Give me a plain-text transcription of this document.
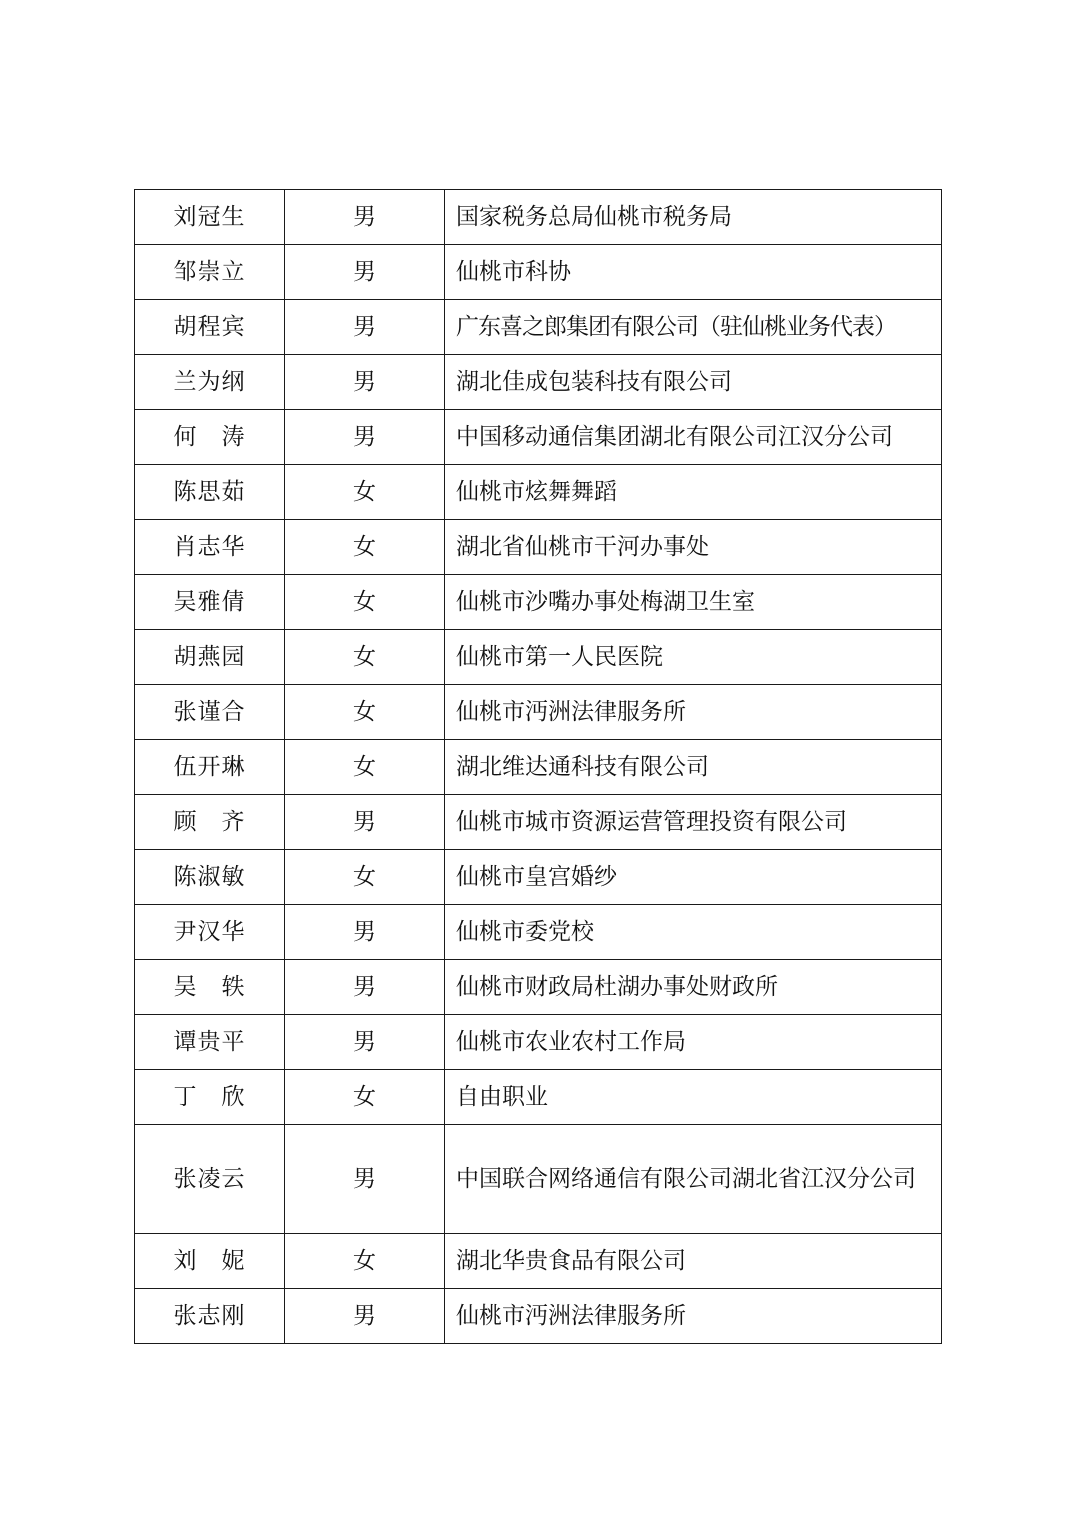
刘冠生	男	国家税务总局仙桃市税务局
邹崇立	男	仙桃市科协
胡程宾	男	广东喜之郎集团有限公司（驻仙桃业务代表）
兰为纲	男	湖北佳成包装科技有限公司
何　涛	男	中国移动通信集团湖北有限公司江汉分公司
陈思茹	女	仙桃市炫舞舞蹈
肖志华	女	湖北省仙桃市干河办事处
吴雅倩	女	仙桃市沙嘴办事处梅湖卫生室
胡燕园	女	仙桃市第一人民医院
张谨合	女	仙桃市沔洲法律服务所
伍开琳	女	湖北维达通科技有限公司
顾　齐	男	仙桃市城市资源运营管理投资有限公司
陈淑敏	女	仙桃市皇宫婚纱
尹汉华	男	仙桃市委党校
吴　轶	男	仙桃市财政局杜湖办事处财政所
谭贵平	男	仙桃市农业农村工作局
丁　欣	女	自由职业
张凌云	男	中国联合网络通信有限公司湖北省江汉分公司
刘　妮	女	湖北华贵食品有限公司
张志刚	男	仙桃市沔洲法律服务所
